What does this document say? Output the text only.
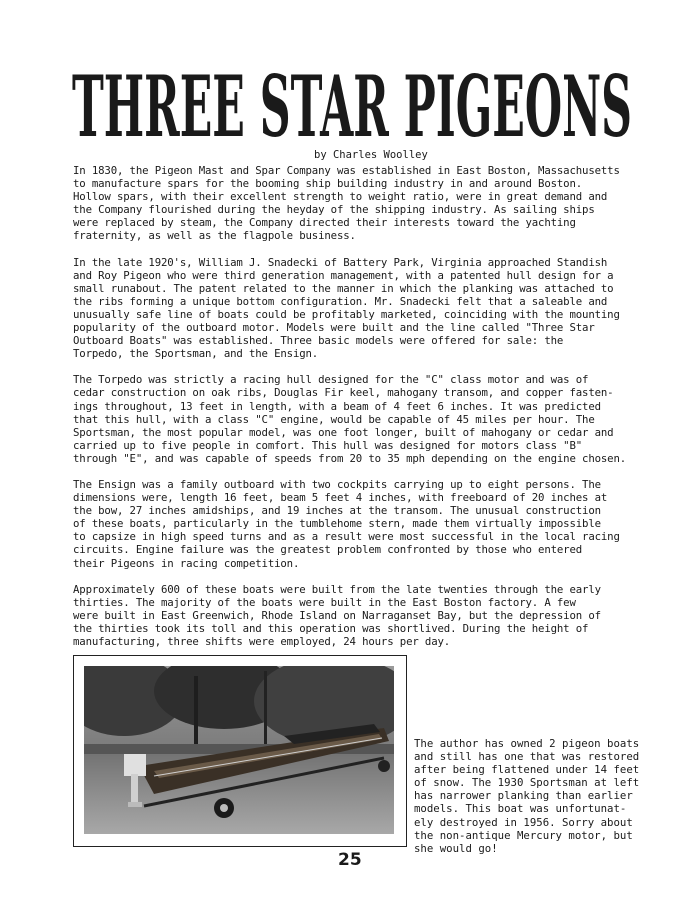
THREE STAR PIGEONS
by Charles Woolley
In 1830, the Pigeon Mast and Spar Company was established in East Boston, Massachusetts
to manufacture spars for the booming ship building industry in and around Boston.
Hollow spars, with their excellent strength to weight ratio, were in great demand and
the Company flourished during the heyday of the shipping industry. As sailing ships
were replaced by steam, the Company directed their interests toward the yachting
fraternity, as well as the flagpole business.
In the late 1920's, William J. Snadecki of Battery Park, Virginia approached Standish
and Roy Pigeon who were third generation management, with a patented hull design for a
small runabout. The patent related to the manner in which the planking was attached to
the ribs forming a unique bottom configuration. Mr. Snadecki felt that a saleable and
unusually safe line of boats could be profitably marketed, coinciding with the mounting
popularity of the outboard motor. Models were built and the line called "Three Star
Outboard Boats" was established. Three basic models were offered for sale: the
Torpedo, the Sportsman, and the Ensign.
The Torpedo was strictly a racing hull designed for the "C" class motor and was of
cedar construction on oak ribs, Douglas Fir keel, mahogany transom, and copper fasten-
ings throughout, 13 feet in length, with a beam of 4 feet 6 inches. It was predicted
that this hull, with a class "C" engine, would be capable of 45 miles per hour. The
Sportsman, the most popular model, was one foot longer, built of mahogany or cedar and
carried up to five people in comfort. This hull was designed for motors class "B"
through "E", and was capable of speeds from 20 to 35 mph depending on the engine chosen.
The Ensign was a family outboard with two cockpits carrying up to eight persons. The
dimensions were, length 16 feet, beam 5 feet 4 inches, with freeboard of 20 inches at
the bow, 27 inches amidships, and 19 inches at the transom. The unusual construction
of these boats, particularly in the tumblehome stern, made them virtually impossible
to capsize in high speed turns and as a result were most successful in the local racing
circuits. Engine failure was the greatest problem confronted by those who entered
their Pigeons in racing competition.
Approximately 600 of these boats were built from the late twenties through the early
thirties. The majority of the boats were built in the East Boston factory. A few
were built in East Greenwich, Rhode Island on Narraganset Bay, but the depression of
the thirties took its toll and this operation was shortlived. During the height of
manufacturing, three shifts were employed, 24 hours per day.
The author has owned 2 pigeon boats
and still has one that was restored
after being flattened under 14 feet
of snow. The 1930 Sportsman at left
has narrower planking than earlier
models. This boat was unfortunat-
ely destroyed in 1956. Sorry about
the non-antique Mercury motor, but
she would go!
25
